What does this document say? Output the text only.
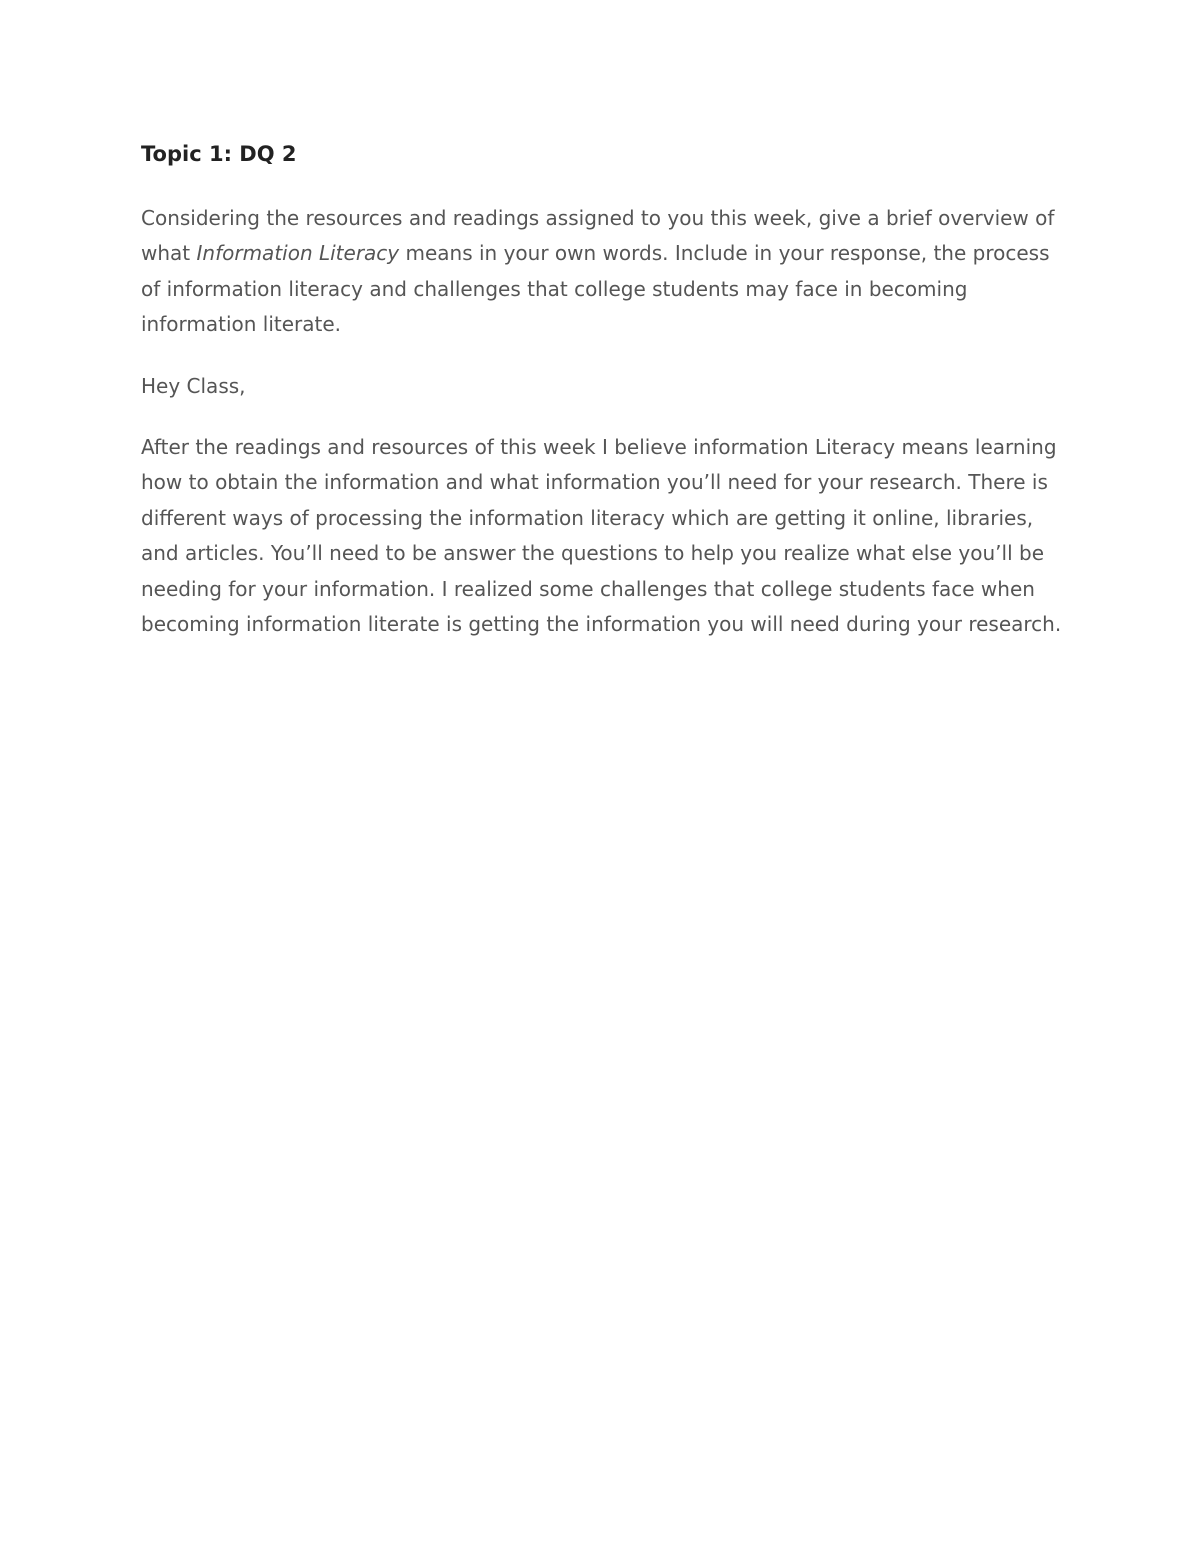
Topic 1: DQ 2

Considering the resources and readings assigned to you this week, give a brief overview of what Information Literacy means in your own words. Include in your response, the process of information literacy and challenges that college students may face in becoming information literate.

Hey Class,

After the readings and resources of this week I believe information Literacy means learning how to obtain the information and what information you’ll need for your research. There is different ways of processing the information literacy which are getting it online, libraries, and articles. You’ll need to be answer the questions to help you realize what else you’ll be needing for your information. I realized some challenges that college students face when becoming information literate is getting the information you will need during your research.
